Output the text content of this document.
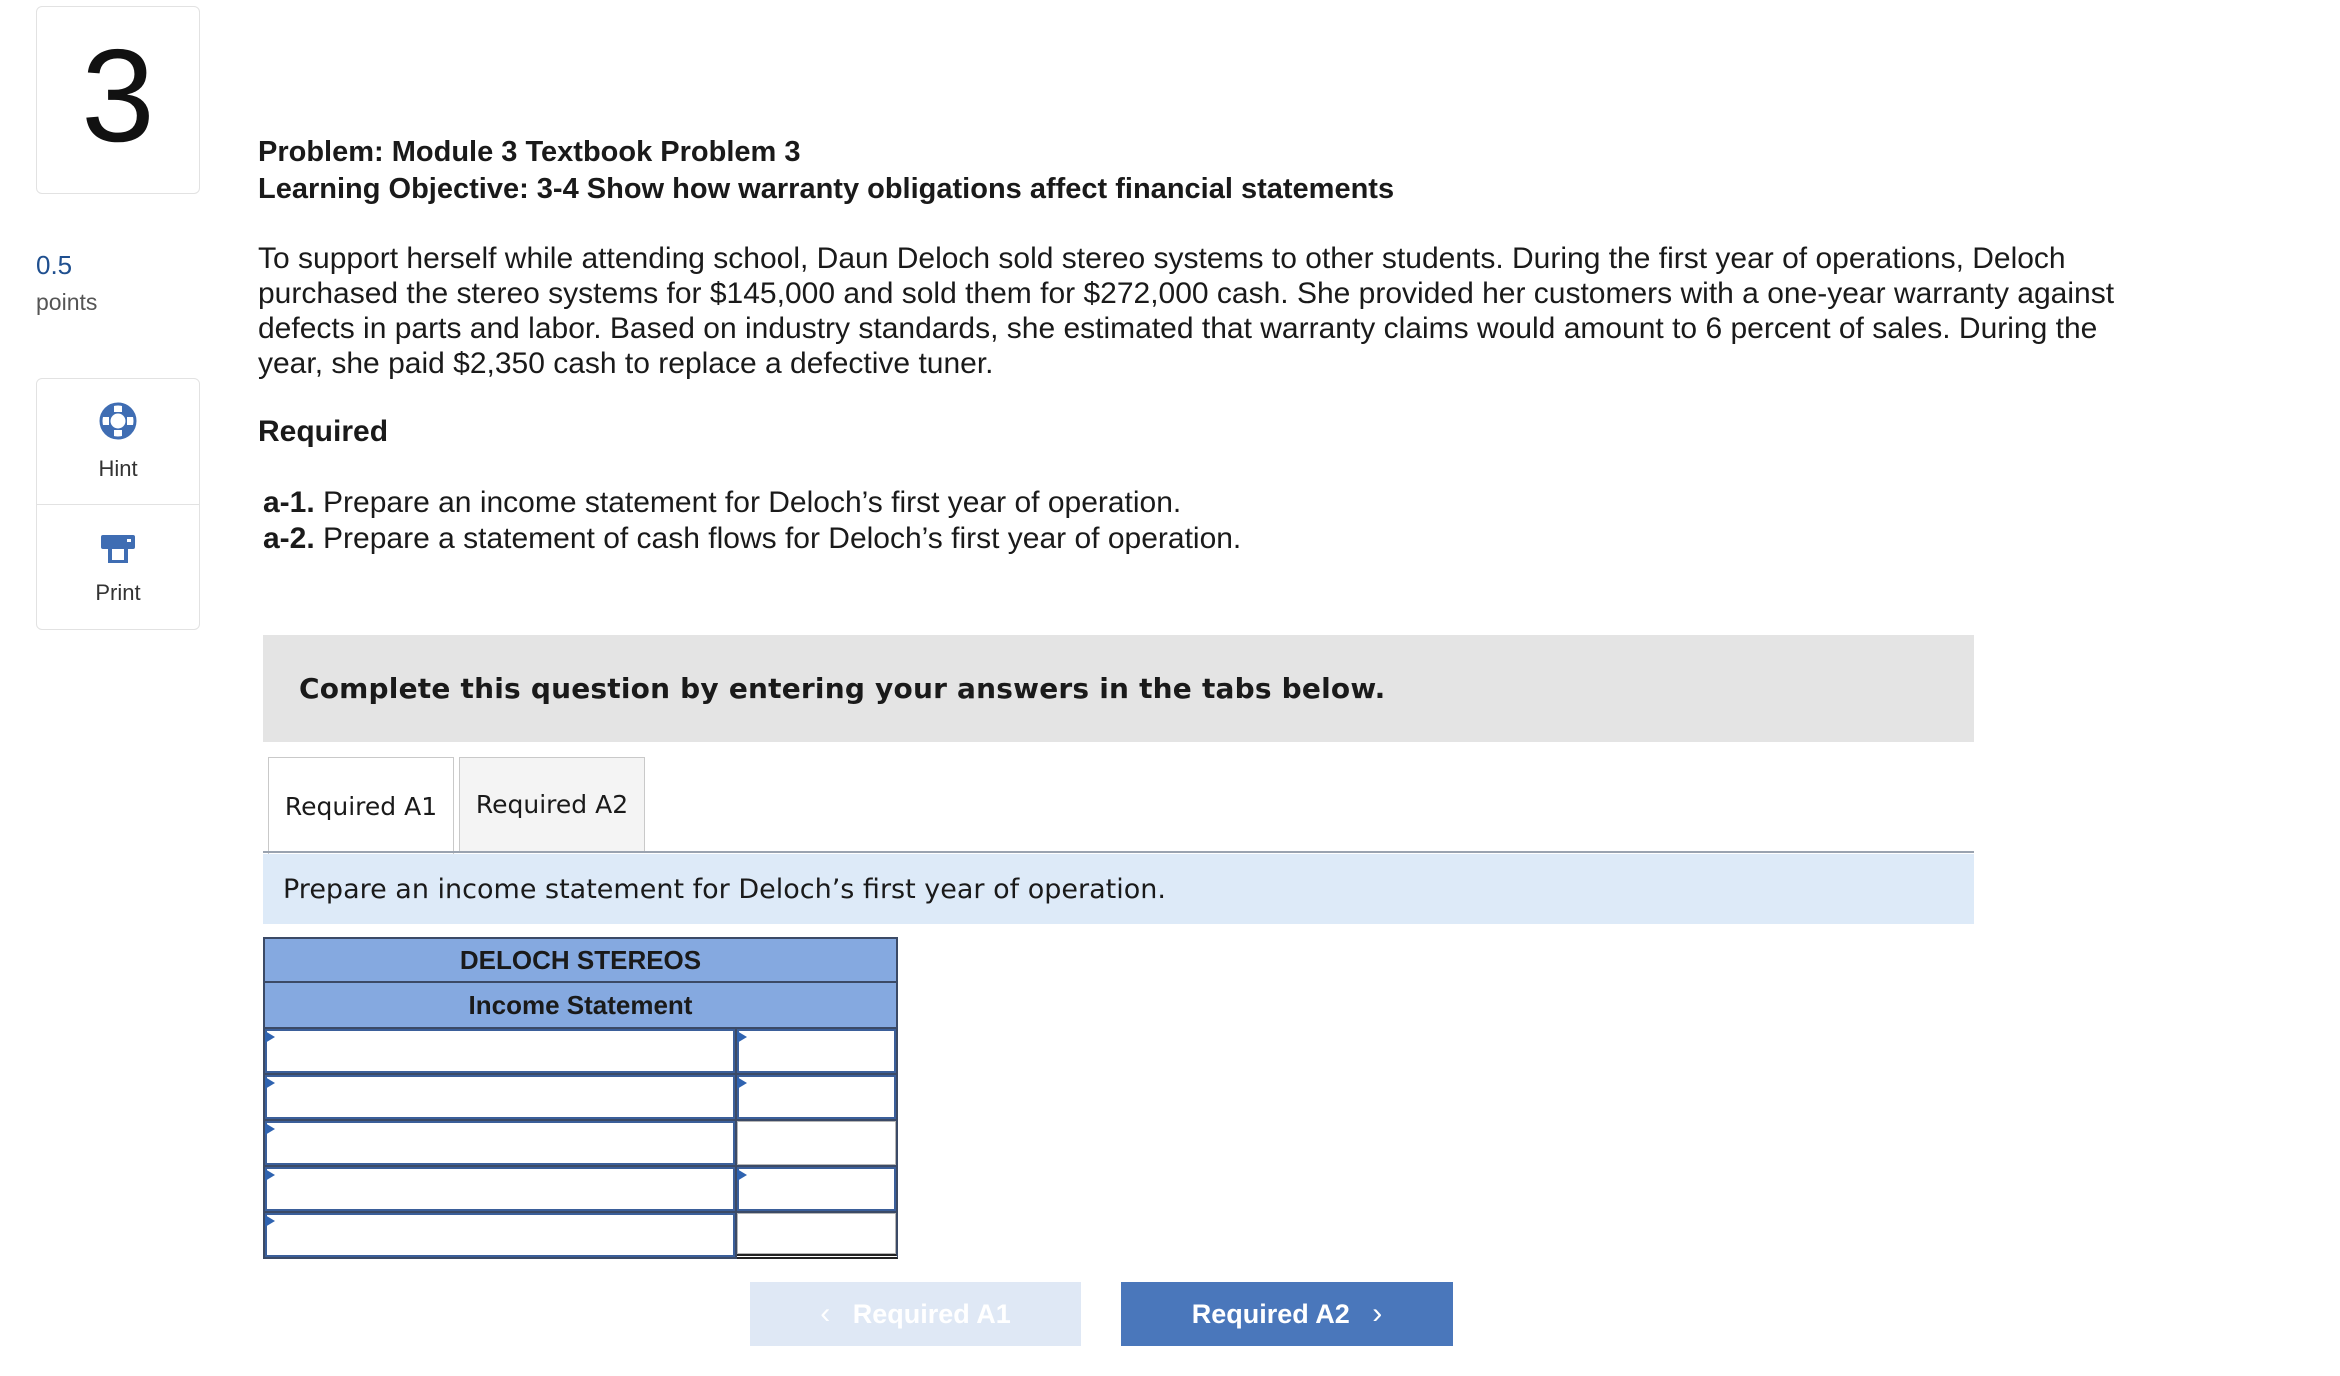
3
0.5
points
Hint
Print
Problem: Module 3 Textbook Problem 3
Learning Objective: 3-4 Show how warranty obligations affect financial statements
To support herself while attending school, Daun Deloch sold stereo systems to other students. During the first year of operations, Deloch purchased the stereo systems for $145,000 and sold them for $272,000 cash. She provided her customers with a one-year warranty against defects in parts and labor. Based on industry standards, she estimated that warranty claims would amount to 6 percent of sales. During the year, she paid $2,350 cash to replace a defective tuner.
Required
a-1. Prepare an income statement for Deloch’s first year of operation.
a-2. Prepare a statement of cash flows for Deloch’s first year of operation.
Complete this question by entering your answers in the tabs below.
Required A1	Required A2
Prepare an income statement for Deloch’s first year of operation.
DELOCH STEREOS
Income Statement
‹
Required A1	Required A2
›
